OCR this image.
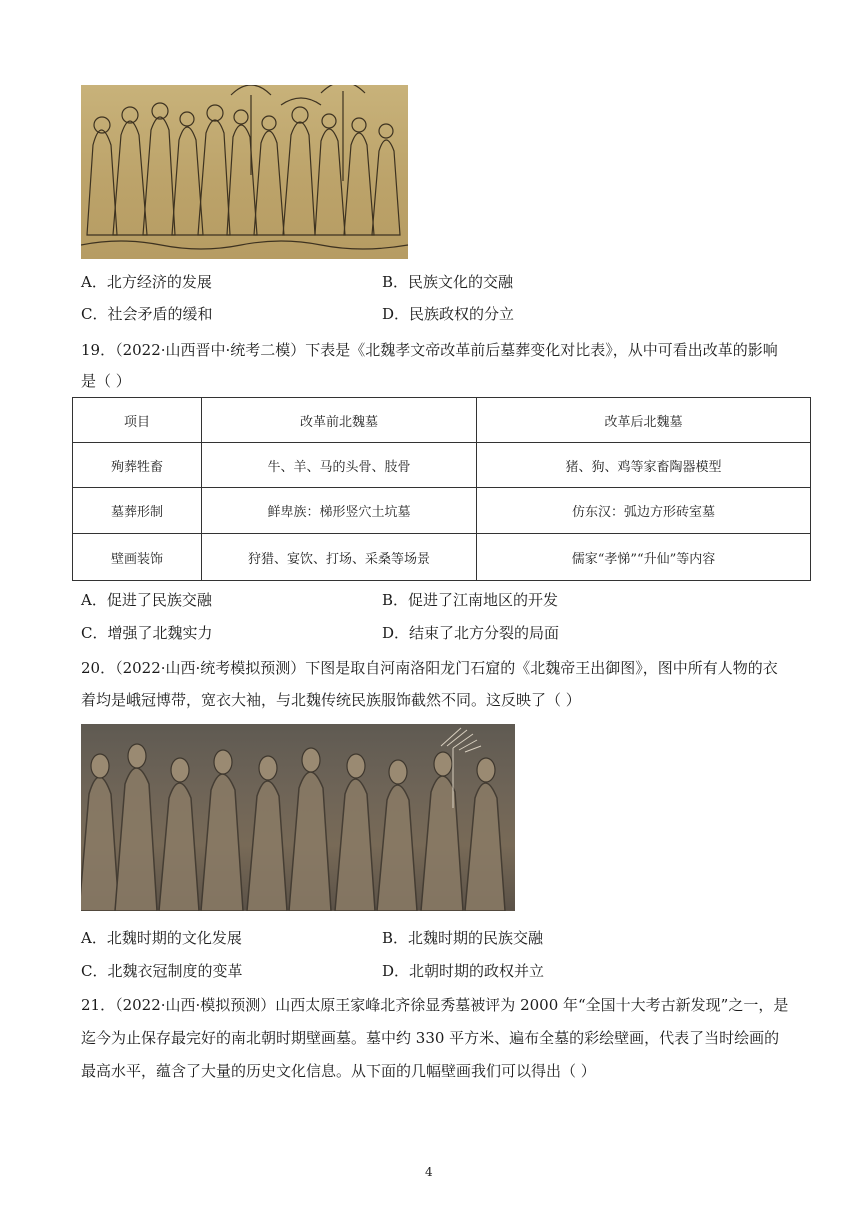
A．北方经济的发展	B．民族文化的交融
C．社会矛盾的缓和	D．民族政权的分立
19．（2022·山西晋中·统考二模）下表是《北魏孝文帝改革前后墓葬变化对比表》，从中可看出改革的影响
是（ ）
项目	改革前北魏墓	改革后北魏墓
殉葬牲畜	牛、羊、马的头骨、肢骨	猪、狗、鸡等家畜陶器模型
墓葬形制	鲜卑族：梯形竖穴土坑墓	仿东汉：弧边方形砖室墓
壁画装饰	狩猎、宴饮、打场、采桑等场景	儒家“孝悌”“升仙”等内容
A．促进了民族交融	B．促进了江南地区的开发
C．增强了北魏实力	D．结束了北方分裂的局面
20．（2022·山西·统考模拟预测）下图是取自河南洛阳龙门石窟的《北魏帝王出御图》，图中所有人物的衣
着均是峨冠博带，宽衣大袖，与北魏传统民族服饰截然不同。这反映了（ ）
A．北魏时期的文化发展	B．北魏时期的民族交融
C．北魏衣冠制度的变革	D．北朝时期的政权并立
21．（2022·山西·模拟预测）山西太原王家峰北齐徐显秀墓被评为 2000 年“全国十大考古新发现”之一，是
迄今为止保存最完好的南北朝时期壁画墓。墓中约 330 平方米、遍布全墓的彩绘壁画，代表了当时绘画的
最高水平，蕴含了大量的历史文化信息。从下面的几幅壁画我们可以得出（ ）
4
